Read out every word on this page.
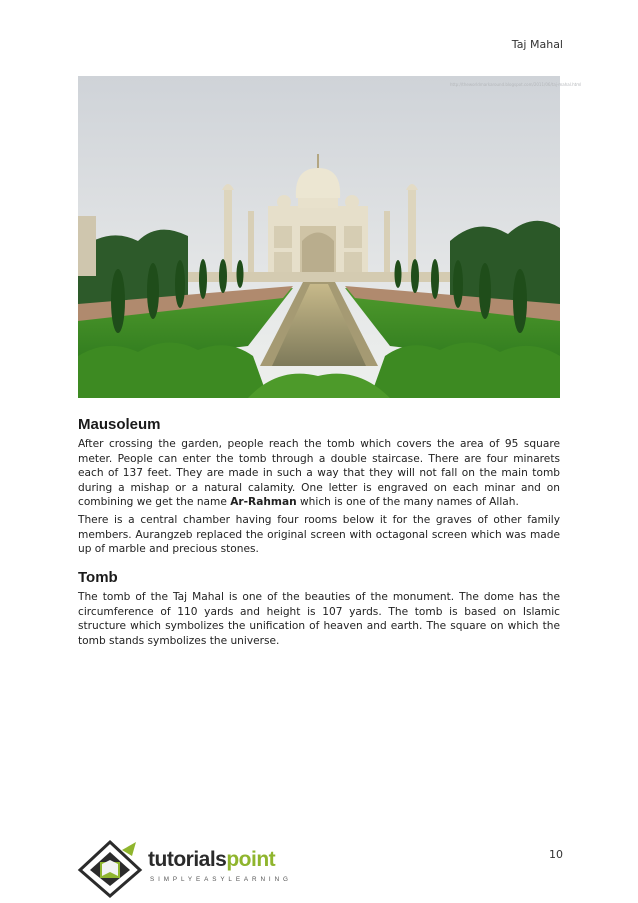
Taj Mahal
http://theworldmarkaround.blogspot.com/2011/06/taj-mahal.html
Mausoleum

After crossing the garden, people reach the tomb which covers the area of 95 square meter. People can enter the tomb through a double staircase. There are four minarets each of 137 feet. They are made in such a way that they will not fall on the main tomb during a mishap or a natural calamity. One letter is engraved on each minar and on combining we get the name Ar-Rahman which is one of the many names of Allah.

There is a central chamber having four rooms below it for the graves of other family members. Aurangzeb replaced the original screen with octagonal screen which was made up of marble and precious stones.

Tomb

The tomb of the Taj Mahal is one of the beauties of the monument. The dome has the circumference of 110 yards and height is 107 yards. The tomb is based on Islamic structure which symbolizes the unification of heaven and earth. The square on which the tomb stands symbolizes the universe.

10
tutorialspoint
SIMPLYEASYLEARNING
